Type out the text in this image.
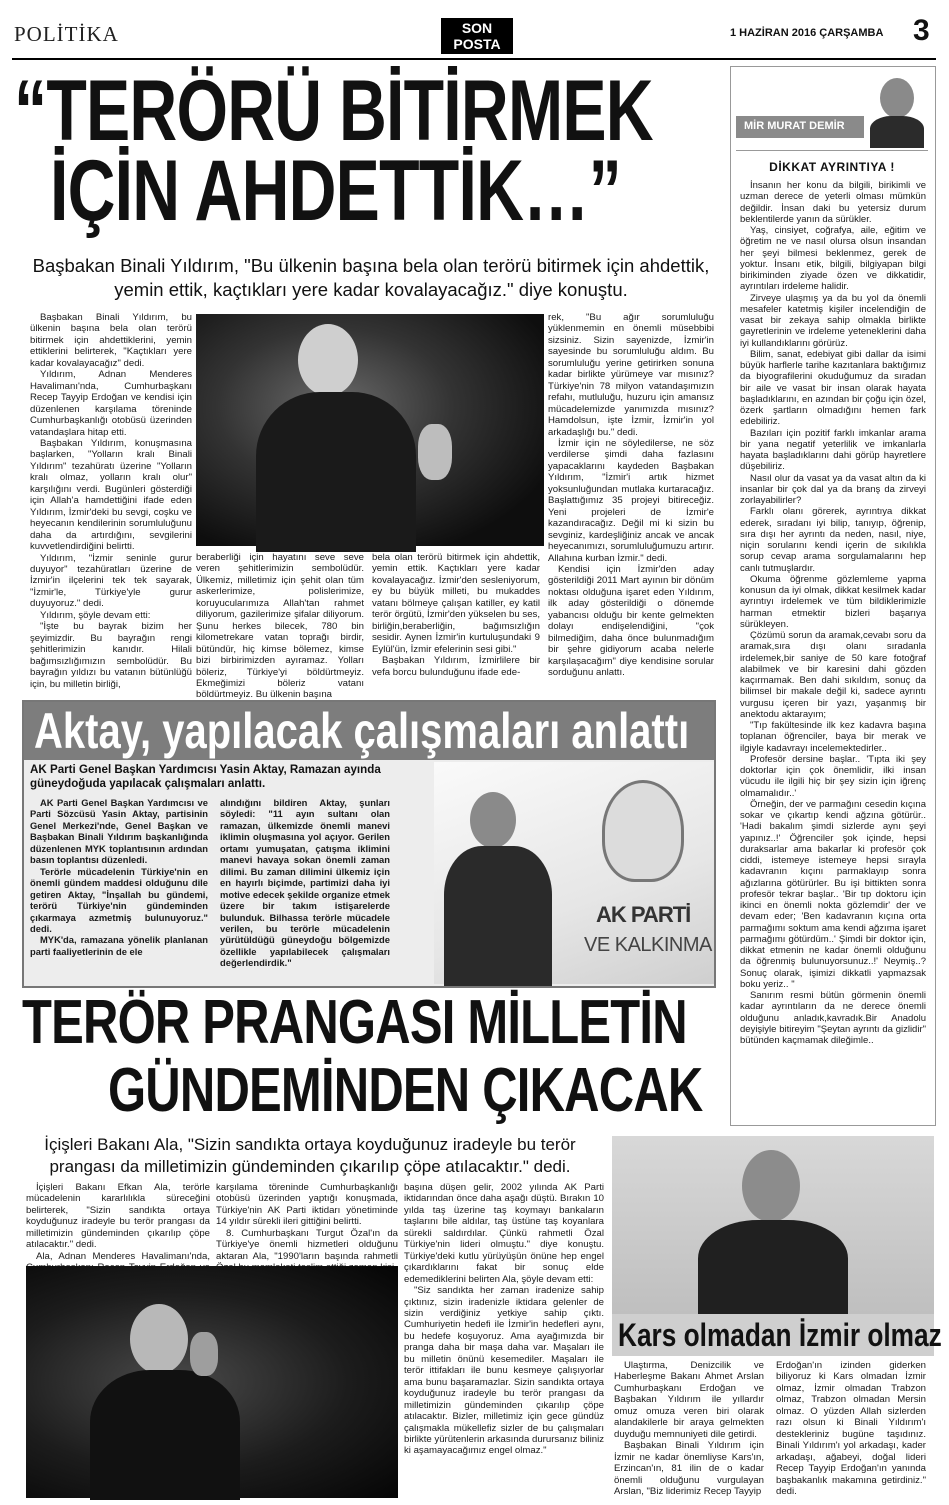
POLİTİKA	SON
POSTA
1 HAZİRAN 2016 ÇARŞAMBA 3
“TERÖRÜ BİTİRMEK
İÇİN AHDETTİK…”
Başbakan Binali Yıldırım, "Bu ülkenin başına bela olan terörü bitirmek için ahdettik, yemin ettik, kaçtıkları yere kadar kovalayacağız." diye konuştu.

Başbakan Binali Yıldırım, bu ülkenin başına bela olan terörü bitirmek için ahdettiklerini, yemin ettiklerini belirterek, "Kaçtıkları yere kadar kovalayacağız" dedi.

Yıldırım, Adnan Menderes Havalimanı'nda, Cumhurbaşkanı Recep Tayyip Erdoğan ve kendisi için düzenlenen karşılama töreninde Cumhurbaşkanlığı otobüsü üzerinden vatandaşlara hitap etti.

Başbakan Yıldırım, konuşmasına başlarken, "Yolların kralı Binali Yıldırım" tezahüratı üzerine "Yolların kralı olmaz, yolların kralı olur" karşılığını verdi. Bugünleri gösterdiği için Allah'a hamdettiğini ifade eden Yıldırım, İzmir'deki bu sevgi, coşku ve heyecanın kendilerinin sorumluluğunu daha da artırdığını, sevgilerini kuvvetlendirdiğini belirtti.

Yıldırım, "İzmir seninle gurur duyuyor" tezahüratları üzerine de İzmir'in ilçelerini tek tek sayarak, "İzmir'le, Türkiye'yle gurur duyuyoruz." dedi.

Yıldırım, şöyle devam etti:

"İşte bu bayrak bizim her şeyimizdir. Bu bayrağın rengi şehitlerimizin kanıdır. Hilali bağımsızlığımızın sembolüdür. Bu bayrağın yıldızı bu vatanın bütünlüğü için, bu milletin birliği,

beraberliği için hayatını seve seve veren şehitlerimizin sembolüdür. Ülkemiz, milletimiz için şehit olan tüm askerlerimize, polislerimize, koruyucularımıza Allah'tan rahmet diliyorum, gazilerimize şifalar diliyorum. Şunu herkes bilecek, 780 bin kilometrekare vatan toprağı birdir, bütündür, hiç kimse bölemez, kimse bizi birbirimizden ayıramaz. Yolları böleriz, Türkiye'yi böldürtmeyiz. Ekmeğimizi böleriz vatanı böldürtmeyiz. Bu ülkenin başına

bela olan terörü bitirmek için ahdettik, yemin ettik. Kaçtıkları yere kadar kovalayacağız. İzmir'den sesleniyorum, ey bu büyük milleti, bu mukaddes vatanı bölmeye çalışan katiller, ey katil terör örgütü, İzmir'den yükselen bu ses, birliğin,beraberliğin, bağımsızlığın sesidir. Aynen İzmir'in kurtuluşundaki 9 Eylül'ün, İzmir efelerinin sesi gibi."

Başbakan Yıldırım, İzmirlilere bir vefa borcu bulunduğunu ifade ede-

rek, "Bu ağır sorumluluğu yüklenmemin en önemli müsebbibi sizsiniz. Sizin sayenizde, İzmir'in sayesinde bu sorumluluğu aldım. Bu sorumluluğu yerine getirirken sonuna kadar birlikte yürümeye var mısınız? Türkiye'nin 78 milyon vatandaşımızın refahı, mutluluğu, huzuru için amansız mücadelemizde yanımızda mısınız? Hamdolsun, işte İzmir, İzmir'in yol arkadaşlığı bu." dedi.

İzmir için ne söyledilerse, ne söz verdilerse şimdi daha fazlasını yapacaklarını kaydeden Başbakan Yıldırım, "İzmir'i artık hizmet yoksunluğundan mutlaka kurtaracağız. Başlattığımız 35 projeyi bitireceğiz. Yeni projeleri de İzmir'e kazandıracağız. Değil mi ki sizin bu sevginiz, kardeşliğiniz ancak ve ancak heyecanımızı, sorumluluğumuzu artırır. Allahına kurban İzmir." dedi.

Kendisi için İzmir'den aday gösterildiği 2011 Mart ayının bir dönüm noktası olduğuna işaret eden Yıldırım, ilk aday gösterildiği o dönemde yabancısı olduğu bir kente gelmekten dolayı endişelendiğini, "çok bilmediğim, daha önce bulunmadığım bir şehre gidiyorum acaba nelerle karşılaşacağım" diye kendisine sorular sorduğunu anlattı.

Aktay, yapılacak çalışmaları anlattı
AK Parti Genel Başkan Yardımcısı Yasin Aktay, Ramazan ayında güneydoğuda yapılacak çalışmaları anlattı.

AK Parti Genel Başkan Yardımcısı ve Parti Sözcüsü Yasin Aktay, partisinin Genel Merkezi'nde, Genel Başkan ve Başbakan Binali Yıldırım başkanlığında düzenlenen MYK toplantısının ardından basın toplantısı düzenledi.

Terörle mücadelenin Türkiye'nin en önemli gündem maddesi olduğunu dile getiren Aktay, "İnşallah bu gündemi, terörü Türkiye'nin gündeminden çıkarmaya azmetmiş bulunuyoruz." dedi.

MYK'da, ramazana yönelik planlanan parti faaliyetlerinin de ele

alındığını bildiren Aktay, şunları söyledi: "11 ayın sultanı olan ramazan, ülkemizde önemli manevi iklimin oluşmasına yol açıyor. Gerilen ortamı yumuşatan, çatışma iklimini manevi havaya sokan önemli zaman dilimi. Bu zaman dilimini ülkemiz için en hayırlı biçimde, partimizi daha iyi motive edecek şekilde organize etmek üzere bir takım istişarelerde bulunduk. Bilhassa terörle mücadele verilen, bu terörle mücadelenin yürütüldüğü güneydoğu bölgemizde özellikle yapılabilecek çalışmaları değerlendirdik."

AK PARTİ
VE KALKINMA
TERÖR PRANGASI MİLLETİN
GÜNDEMİNDEN ÇIKACAK
İçişleri Bakanı Ala, "Sizin sandıkta ortaya koyduğunuz iradeyle bu terör prangası da milletimizin gündeminden çıkarılıp çöpe atılacaktır." dedi.

İçişleri Bakanı Efkan Ala, terörle mücadelenin kararlılıkla süreceğini belirterek, "Sizin sandıkta ortaya koyduğunuz iradeyle bu terör prangası da milletimizin gündeminden çıkarılıp çöpe atılacaktır." dedi.

Ala, Adnan Menderes Havalimanı'nda,

karşılama töreninde Cumhurbaşkanlığı otobüsü üzerinden yaptığı konuşmada, Türkiye'nin AK Parti iktidarı yönetiminde 14 yıldır sürekli ileri gittiğini belirtti.

8. Cumhurbaşkanı Turgut Özal'ın da Türkiye'ye önemli hizmetleri olduğunu aktaran Ala, "1990'ların başında rahmetli

başına düşen gelir, 2002 yılında AK Parti iktidarından önce daha aşağı düştü. Bırakın 10 yılda taş üzerine taş koymayı bankaların taşlarını bile aldılar, taş üstüne taş koyanlara sürekli saldırdılar. Çünkü rahmetli Özal Türkiye'nin lideri olmuştu." diye konuştu. Türkiye'deki kutlu yürüyüşün önüne hep engel çıkardıklarını fakat bir sonuç elde edemediklerini belirten Ala, şöyle devam etti:

"Siz sandıkta her zaman iradenize sahip çıktınız, sizin iradenizle iktidara gelenler de sizin verdiğiniz yetkiye sahip çıktı. Cumhuriyetin hedefi ile İzmir'in hedefleri aynı, bu hedefe koşuyoruz. Ama ayağımızda bir pranga daha bir maşa daha var. Maşaları ile bu milletin önünü kesemediler. Maşaları ile terör ittifakları ile bunu kesmeye çalışıyorlar ama bunu başaramazlar. Sizin sandıkta ortaya koyduğunuz iradeyle bu terör prangası da milletimizin gündeminden çıkarılıp çöpe atılacaktır. Bizler, milletimiz için gece gündüz çalışmakla mükellefiz sizler de bu çalışmaları birlikte yürütenlerin arkasında durursanız biliniz ki aşamayacağımız engel olmaz."

Kars olmadan İzmir olmaz

Ulaştırma, Denizcilik ve Haberleşme Bakanı Ahmet Arslan Cumhurbaşkanı Erdoğan ve Başbakan Yıldırım ile yıllardır omuz omuza veren biri olarak alandakilerle bir araya gelmekten duyduğu memnuniyeti dile getirdi.

Başbakan Binali Yıldırım için İzmir ne kadar önemliyse Kars'ın, Erzincan'ın, 81 ilin de o kadar önemli olduğunu vurgulayan Arslan, "Biz liderimiz Recep Tayyip

Erdoğan'ın izinden giderken biliyoruz ki Kars olmadan İzmir olmaz, İzmir olmadan Trabzon olmaz, Trabzon olmadan Mersin olmaz. O yüzden Allah sizlerden razı olsun ki Binali Yıldırım'ı destekleriniz bugüne taşıdınız. Binali Yıldırım'ı yol arkadaşı, kader arkadaşı, ağabeyi, doğal lideri Recep Tayyip Erdoğan'ın yanında başbakanlık makamına getirdiniz." dedi.

MİR MURAT DEMİR
DİKKAT AYRINTIYA !

İnsanın her konu da bilgili, birikimli ve uzman derece de yeterli olması mümkün değildir. İnsan daki bu yetersiz durum beklentilerde yanın da sürükler.

Yaş, cinsiyet, coğrafya, aile, eğitim ve öğretim ne ve nasıl olursa olsun insandan her şeyi bilmesi beklenmez, gerek de yoktur. İnsanı etik, bilgili, bilgiyapan bilgi birikiminden ziyade özen ve dikkatidir, ayrıntıları irdeleme halidir.

Zirveye ulaşmış ya da bu yol da önemli mesafeler katetmiş kişiler incelendiğin de vasat bir zekaya sahip olmakla birlikte gayretlerinin ve irdeleme yeteneklerini daha iyi kullandıklarını görürüz.

Bilim, sanat, edebiyat gibi dallar da isimi büyük harflerle tarihe kazıtanlara baktığımız da biyografilerini okuduğumuz da sıradan bir aile ve vasat bir insan olarak hayata başladıklarını, en azından bir çoğu için özel, özerk şartların olmadığını hemen fark edebiliriz.

Bazıları için pozitif farklı imkanlar arama bir yana negatif yeterlilik ve imkanlarla hayata başladıklarını dahi görüp hayretlere düşebiliriz.

Nasıl olur da vasat ya da vasat altın da ki insanlar bir çok dal ya da branş da zirveyi zorlayabilirler?

Farklı olanı görerek, ayrıntıya dikkat ederek, sıradanı iyi bilip, tanıyıp, öğrenip, sıra dışı her ayrıntı da neden, nasıl, niye, niçin sorularını kendi içerin de sıkılıkla sorup cevap arama sorgulamalarını hep canlı tutmuşlardır.

Okuma öğrenme gözlemleme yapma konusun da iyi olmak, dikkat kesilmek kadar ayrıntıyı irdelemek ve tüm bildiklerimizle harman etmektir bizleri başarıya sürükleyen.

Çözümü sorun da aramak,cevabı soru da aramak,sıra dışı olanı sıradanla irdelemek,bir saniye de 50 kare fotoğraf alabilmek ve bir karesini dahi gözden kaçırmamak. Ben dahi sıkıldım, sonuç da bilimsel bir makale değil ki, sadece ayrıntı vurgusu içeren bir yazı, yaşanmış bir anektodu aktarayım;

"Tıp fakültesinde ilk kez kadavra başına toplanan öğrenciler, baya bir merak ve ilgiyle kadavrayı incelemektedirler..

Profesör dersine başlar.. 'Tıpta iki şey doktorlar için çok önemlidir, ilki insan vücudu ile ilgili hiç bir şey sizin için iğrenç olmamalıdır..'

Örneğin, der ve parmağını cesedin kıçına sokar ve çıkartıp kendi ağzına götürür.. 'Hadi bakalım şimdi sizlerde aynı şeyi yapınız..!' Öğrenciler şok içinde, hepsi duraksarlar ama bakarlar ki profesör çok ciddi, istemeye istemeye hepsi sırayla kadavranın kıçını parmaklayıp sonra ağızlarına götürürler. Bu işi bittikten sonra profesör tekrar başlar.. 'Bir tıp doktoru için ikinci en önemli nokta gözlemdir' der ve devam eder; 'Ben kadavranın kıçına orta parmağımı soktum ama kendi ağzıma işaret parmağımı götürdüm..' Şimdi bir doktor için, dikkat etmenin ne kadar önemli olduğunu da öğrenmiş bulunuyorsunuz..!' Neymiş..? Sonuç olarak, işimizi dikkatli yapmazsak boku yeriz.. "

Sanırım resmi bütün görmenin önemli kadar ayrıntıların da ne derece önemli olduğunu anladık,kavradık.Bir Anadolu deyişiyle bitireyim "Şeytan ayrıntı da gizlidir" bütünden kaçmamak dileğimle..
